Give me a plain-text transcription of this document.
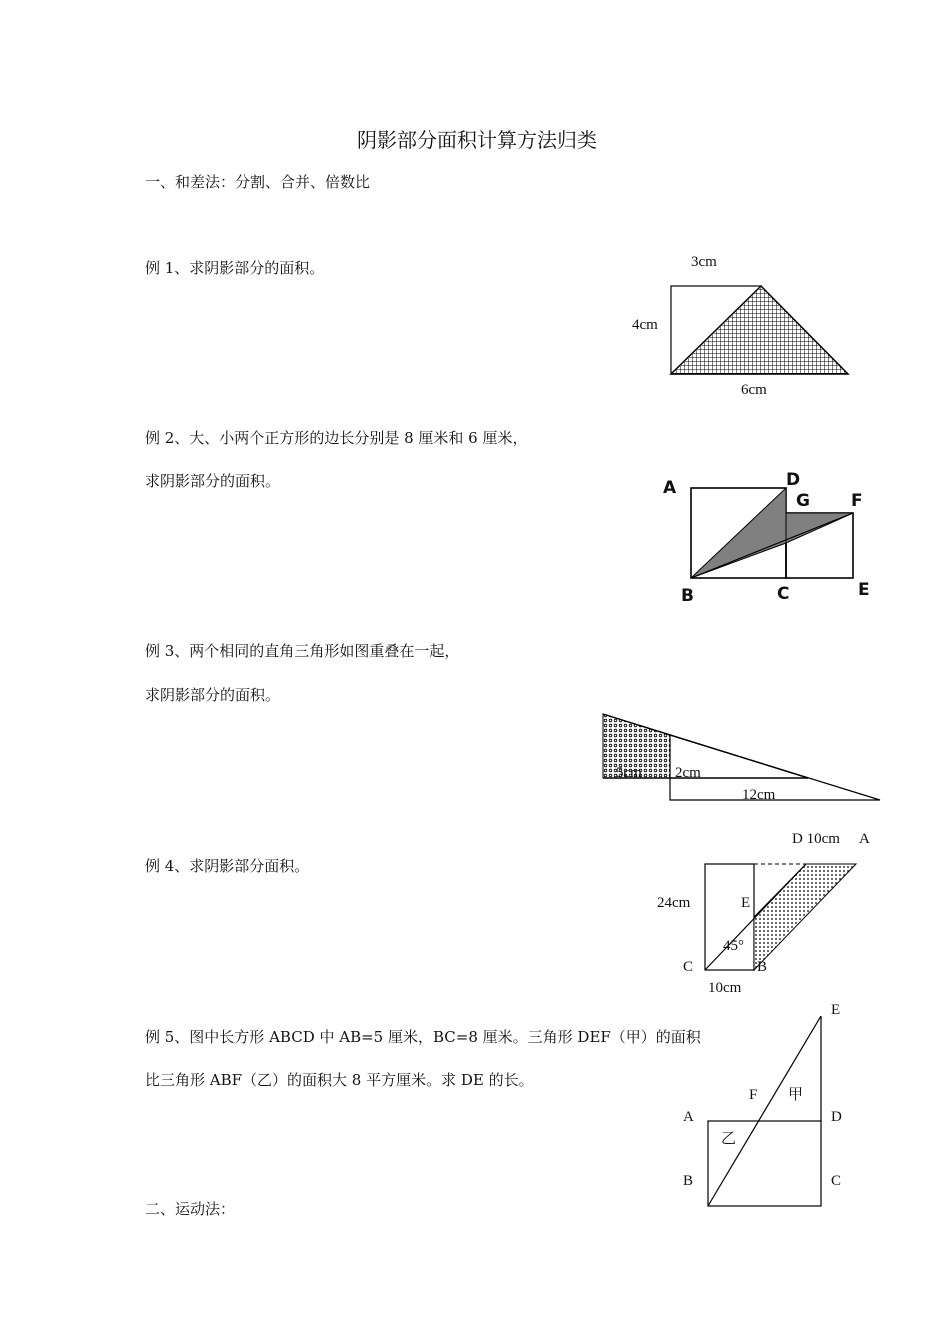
阴影部分面积计算方法归类
一、和差法：分割、合并、倍数比
例 1、求阴影部分的面积。	3cm
4cm
6cm
例 2、大、小两个正方形的边长分别是 8 厘米和 6 厘米，
求阴影部分的面积。	A	D
G F
B	C	E
例 3、两个相同的直角三角形如图重叠在一起，
求阴影部分的面积。
5cm 2cm
12cm
例 4、求阴影部分面积。
D 10cm A
24cm	E
45°
C	B
10cm
例 5、图中长方形 ABCD 中 AB=5 厘米，BC=8 厘米。三角形 DEF（甲）的面积
比三角形 ABF（乙）的面积大 8 平方厘米。求 DE 的长。
E
F 甲
A	D
乙
B	C
二、运动法：
